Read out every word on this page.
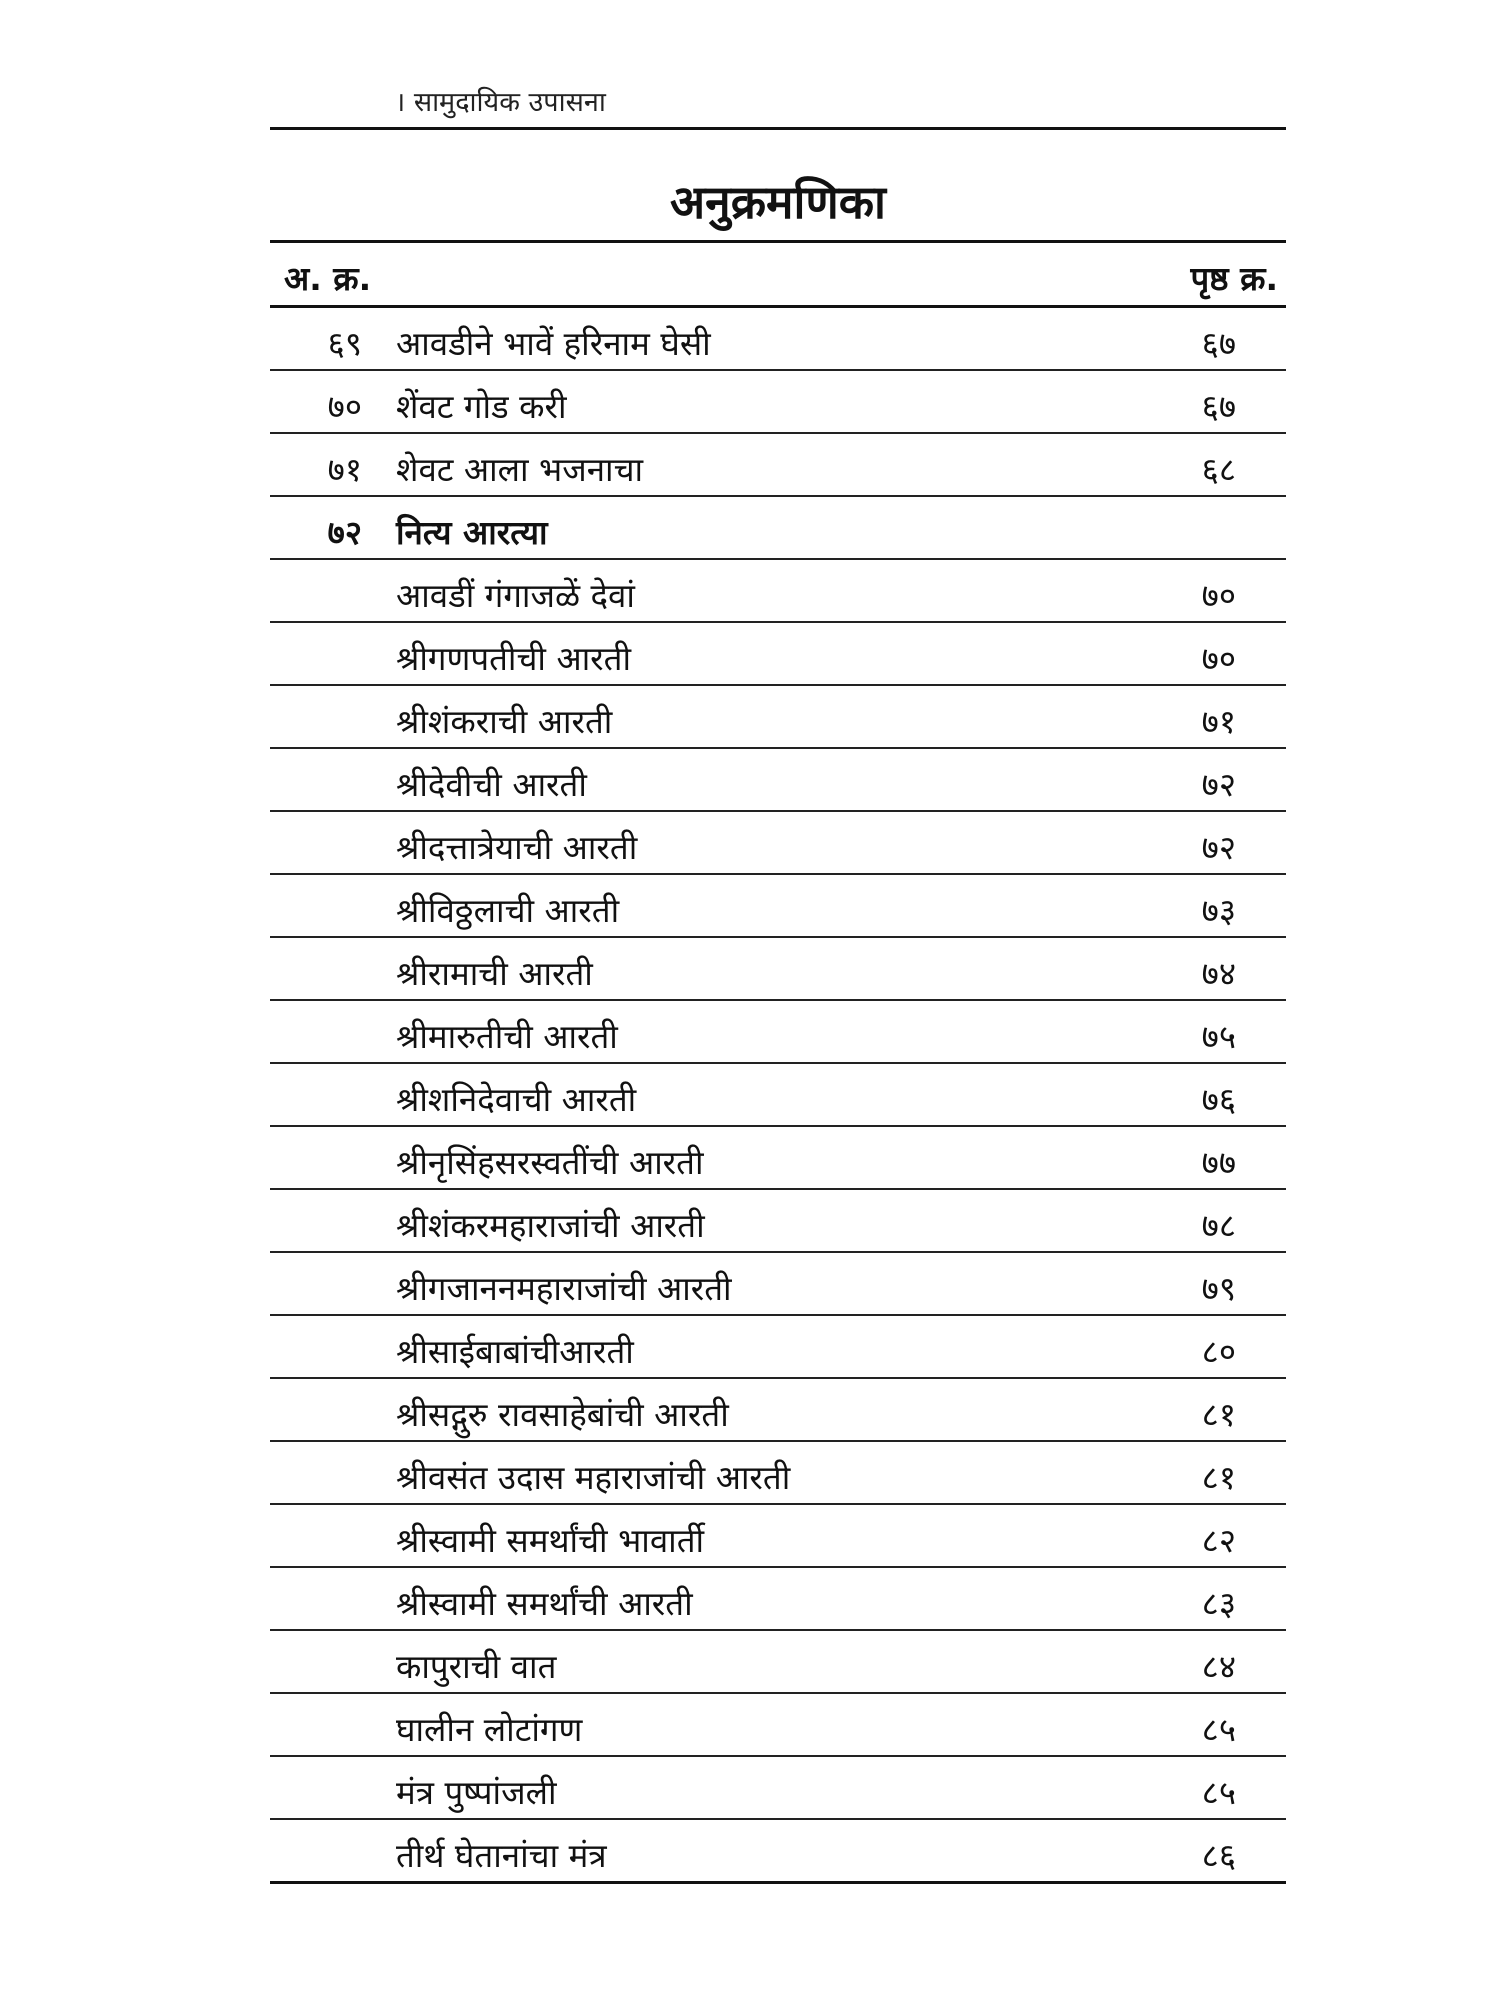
। सामुदायिक उपासना
अनुक्रमणिका
अ. क्र.	पृष्ठ क्र.
६९ आवडीने भावें हरिनाम घेसी	६७
७० शेंवट गोड करी	६७
७१ शेवट आला भजनाचा	६८
७२ नित्य आरत्या
आवडीं गंगाजळें देवां	७०
श्रीगणपतीची आरती	७०
श्रीशंकराची आरती	७१
श्रीदेवीची आरती	७२
श्रीदत्तात्रेयाची आरती	७२
श्रीविठ्ठलाची आरती	७३
श्रीरामाची आरती	७४
श्रीमारुतीची आरती	७५
श्रीशनिदेवाची आरती	७६
श्रीनृसिंहसरस्वतींची आरती	७७
श्रीशंकरमहाराजांची आरती	७८
श्रीगजाननमहाराजांची आरती	७९
श्रीसाईबाबांचीआरती	८०
श्रीसद्गुरु रावसाहेबांची आरती	८१
श्रीवसंत उदास महाराजांची आरती	८१
श्रीस्वामी समर्थांची भावार्ती	८२
श्रीस्वामी समर्थांची आरती	८३
कापुराची वात	८४
घालीन लोटांगण	८५
मंत्र पुष्पांजली	८५
तीर्थ घेतानांचा मंत्र	८६
